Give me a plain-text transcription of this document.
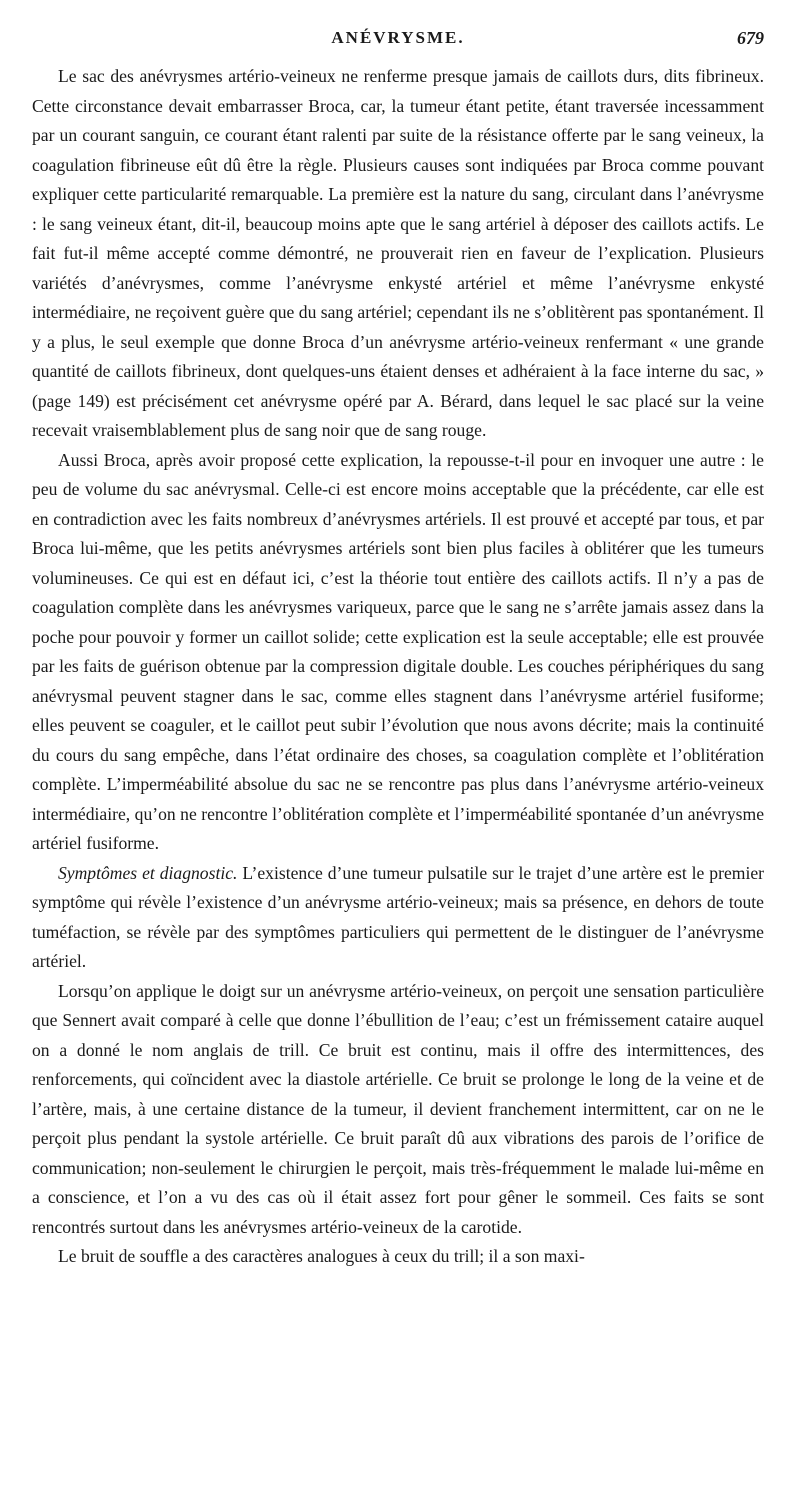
ANÉVRYSME.	679

Le sac des anévrysmes artério-veineux ne renferme presque jamais de caillots durs, dits fibrineux. Cette circonstance devait embarrasser Broca, car, la tumeur étant petite, étant traversée incessamment par un courant sanguin, ce courant étant ralenti par suite de la résistance offerte par le sang veineux, la coagulation fibrineuse eût dû être la règle. Plusieurs causes sont indiquées par Broca comme pouvant expliquer cette particularité remarquable. La première est la nature du sang, circulant dans l’anévrysme : le sang veineux étant, dit-il, beaucoup moins apte que le sang artériel à déposer des caillots actifs. Le fait fut-il même accepté comme démontré, ne prouverait rien en faveur de l’explication. Plusieurs variétés d’anévrysmes, comme l’anévrysme enkysté artériel et même l’anévrysme enkysté intermédiaire, ne reçoivent guère que du sang artériel; cependant ils ne s’oblitèrent pas spontanément. Il y a plus, le seul exemple que donne Broca d’un anévrysme artério-veineux renfermant « une grande quantité de caillots fibrineux, dont quelques-uns étaient denses et adhéraient à la face interne du sac, » (page 149) est précisément cet anévrysme opéré par A. Bérard, dans lequel le sac placé sur la veine recevait vraisemblablement plus de sang noir que de sang rouge.

Aussi Broca, après avoir proposé cette explication, la repousse-t-il pour en invoquer une autre : le peu de volume du sac anévrysmal. Celle-ci est encore moins acceptable que la précédente, car elle est en contradiction avec les faits nombreux d’anévrysmes artériels. Il est prouvé et accepté par tous, et par Broca lui-même, que les petits anévrysmes artériels sont bien plus faciles à oblitérer que les tumeurs volumineuses. Ce qui est en défaut ici, c’est la théorie tout entière des caillots actifs. Il n’y a pas de coagulation complète dans les anévrysmes variqueux, parce que le sang ne s’arrête jamais assez dans la poche pour pouvoir y former un caillot solide; cette explication est la seule acceptable; elle est prouvée par les faits de guérison obtenue par la compression digitale double. Les couches périphériques du sang anévrysmal peuvent stagner dans le sac, comme elles stagnent dans l’anévrysme artériel fusiforme; elles peuvent se coaguler, et le caillot peut subir l’évolution que nous avons décrite; mais la continuité du cours du sang empêche, dans l’état ordinaire des choses, sa coagulation complète et l’oblitération complète. L’imperméabilité absolue du sac ne se rencontre pas plus dans l’anévrysme artério-veineux intermédiaire, qu’on ne rencontre l’oblitération complète et l’imperméabilité spontanée d’un anévrysme artériel fusiforme.

Symptômes et diagnostic. L’existence d’une tumeur pulsatile sur le trajet d’une artère est le premier symptôme qui révèle l’existence d’un anévrysme artério-veineux; mais sa présence, en dehors de toute tuméfaction, se révèle par des symptômes particuliers qui permettent de le distinguer de l’anévrysme artériel.

Lorsqu’on applique le doigt sur un anévrysme artério-veineux, on perçoit une sensation particulière que Sennert avait comparé à celle que donne l’ébullition de l’eau; c’est un frémissement cataire auquel on a donné le nom anglais de trill. Ce bruit est continu, mais il offre des intermittences, des renforcements, qui coïncident avec la diastole artérielle. Ce bruit se prolonge le long de la veine et de l’artère, mais, à une certaine distance de la tumeur, il devient franchement intermittent, car on ne le perçoit plus pendant la systole artérielle. Ce bruit paraît dû aux vibrations des parois de l’orifice de communication; non-seulement le chirurgien le perçoit, mais très-fréquemment le malade lui-même en a conscience, et l’on a vu des cas où il était assez fort pour gêner le sommeil. Ces faits se sont rencontrés surtout dans les anévrysmes artério-veineux de la carotide.

Le bruit de souffle a des caractères analogues à ceux du trill; il a son maxi-
